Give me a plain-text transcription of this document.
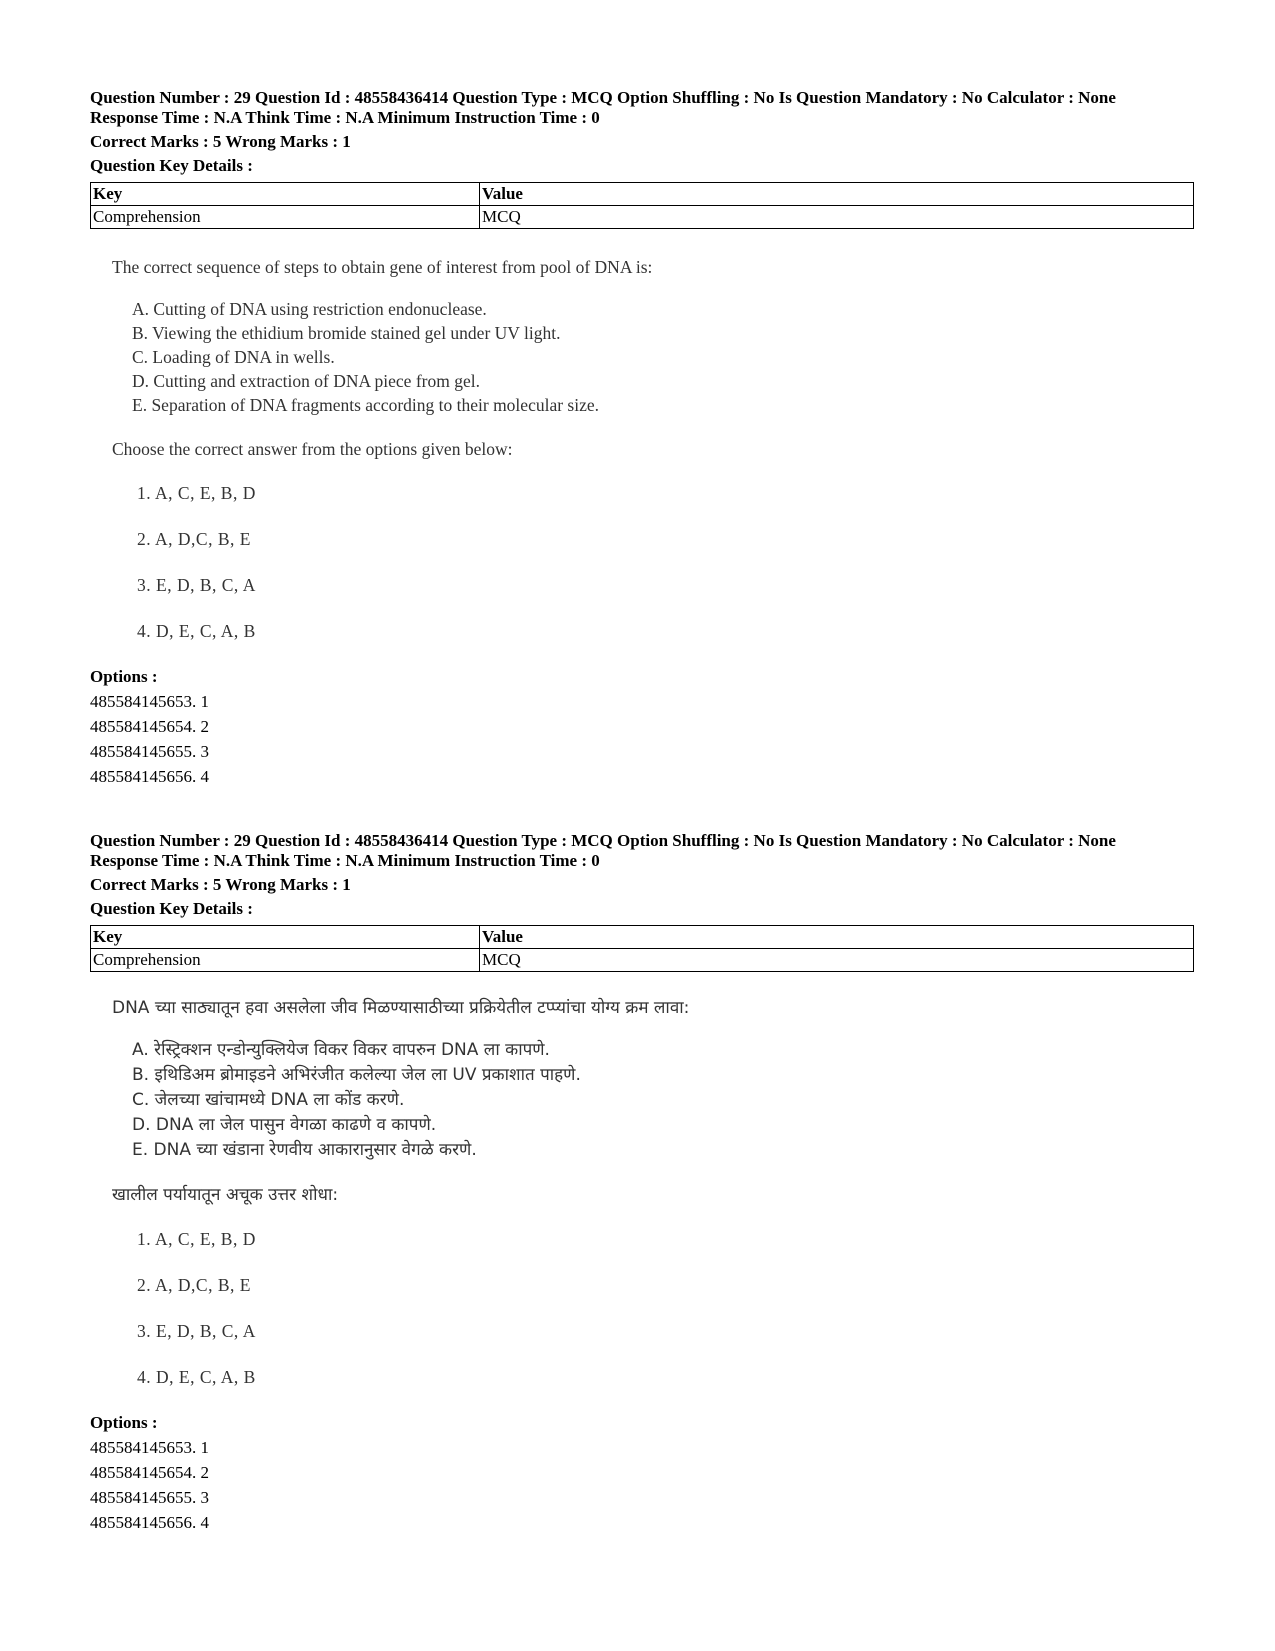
Question Number : 29 Question Id : 48558436414 Question Type : MCQ Option Shuffling : No Is Question Mandatory : No Calculator : None
Response Time : N.A Think Time : N.A Minimum Instruction Time : 0
Correct Marks : 5 Wrong Marks : 1
Question Key Details :
Key	Value
Comprehension	MCQ
The correct sequence of steps to obtain gene of interest from pool of DNA is:
A. Cutting of DNA using restriction endonuclease.
B. Viewing the ethidium bromide stained gel under UV light.
C. Loading of DNA in wells.
D. Cutting and extraction of DNA piece from gel.
E. Separation of DNA fragments according to their molecular size.
Choose the correct answer from the options given below:
1. A, C, E, B, D
2. A, D,C, B, E
3. E, D, B, C, A
4. D, E, C, A, B
Options :
485584145653. 1
485584145654. 2
485584145655. 3
485584145656. 4
Question Number : 29 Question Id : 48558436414 Question Type : MCQ Option Shuffling : No Is Question Mandatory : No Calculator : None
Response Time : N.A Think Time : N.A Minimum Instruction Time : 0
Correct Marks : 5 Wrong Marks : 1
Question Key Details :
Key	Value
Comprehension	MCQ
DNA च्या साठ्यातून हवा असलेला जीव मिळण्यासाठीच्या प्रक्रियेतील टप्प्यांचा योग्य क्रम लावा:
A. रेस्ट्रिक्शन एन्डोन्युक्लियेज विकर विकर वापरुन DNA ला कापणे.
B. इथिडिअम ब्रोमाइडने अभिरंजीत कलेल्या जेल ला UV प्रकाशात पाहणे.
C. जेलच्या खांचामध्ये DNA ला कोंड करणे.
D. DNA ला जेल पासुन वेगळा काढणे व कापणे.
E. DNA च्या खंडाना रेणवीय आकारानुसार वेगळे करणे.
खालील पर्यायातून अचूक उत्तर शोधा:
1. A, C, E, B, D
2. A, D,C, B, E
3. E, D, B, C, A
4. D, E, C, A, B
Options :
485584145653. 1
485584145654. 2
485584145655. 3
485584145656. 4
